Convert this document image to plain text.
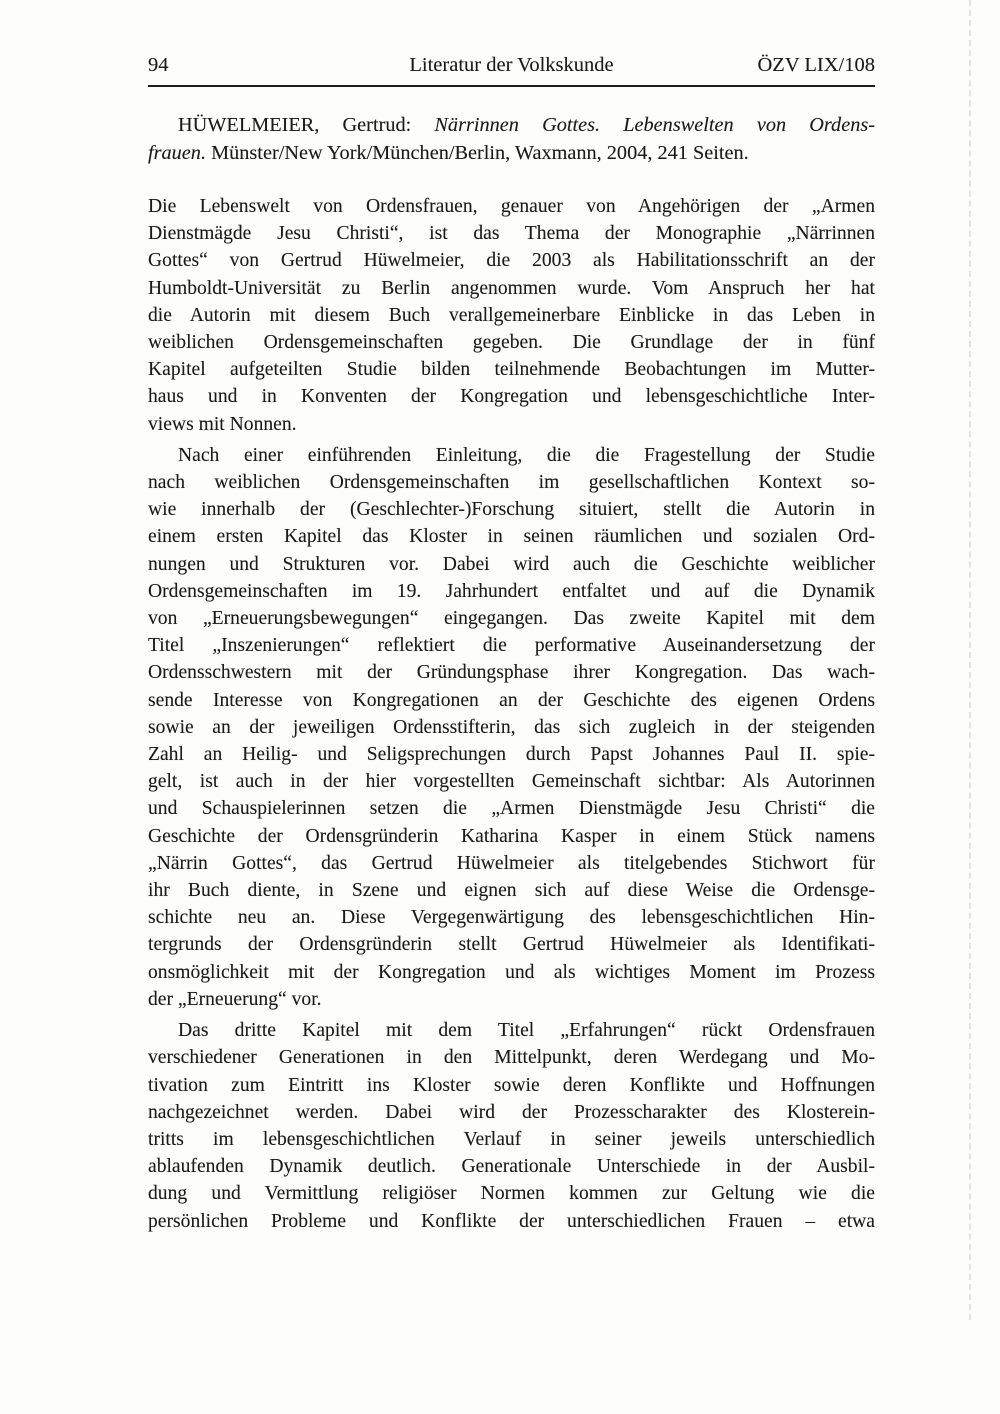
94	Literatur der Volkskunde	ÖZV LIX/108
HÜWELMEIER, Gertrud: Närrinnen Gottes. Lebenswelten von Ordens-
frauen. Münster/New York/München/Berlin, Waxmann, 2004, 241 Seiten.
Die Lebenswelt von Ordensfrauen, genauer von Angehörigen der „Armen
Dienstmägde Jesu Christi“, ist das Thema der Monographie „Närrinnen
Gottes“ von Gertrud Hüwelmeier, die 2003 als Habilitationsschrift an der
Humboldt-Universität zu Berlin angenommen wurde. Vom Anspruch her hat
die Autorin mit diesem Buch verallgemeinerbare Einblicke in das Leben in
weiblichen Ordensgemeinschaften gegeben. Die Grundlage der in fünf
Kapitel aufgeteilten Studie bilden teilnehmende Beobachtungen im Mutter-
haus und in Konventen der Kongregation und lebensgeschichtliche Inter-
views mit Nonnen.
Nach einer einführenden Einleitung, die die Fragestellung der Studie
nach weiblichen Ordensgemeinschaften im gesellschaftlichen Kontext so-
wie innerhalb der (Geschlechter-)Forschung situiert, stellt die Autorin in
einem ersten Kapitel das Kloster in seinen räumlichen und sozialen Ord-
nungen und Strukturen vor. Dabei wird auch die Geschichte weiblicher
Ordensgemeinschaften im 19. Jahrhundert entfaltet und auf die Dynamik
von „Erneuerungsbewegungen“ eingegangen. Das zweite Kapitel mit dem
Titel „Inszenierungen“ reflektiert die performative Auseinandersetzung der
Ordensschwestern mit der Gründungsphase ihrer Kongregation. Das wach-
sende Interesse von Kongregationen an der Geschichte des eigenen Ordens
sowie an der jeweiligen Ordensstifterin, das sich zugleich in der steigenden
Zahl an Heilig- und Seligsprechungen durch Papst Johannes Paul II. spie-
gelt, ist auch in der hier vorgestellten Gemeinschaft sichtbar: Als Autorinnen
und Schauspielerinnen setzen die „Armen Dienstmägde Jesu Christi“ die
Geschichte der Ordensgründerin Katharina Kasper in einem Stück namens
„Närrin Gottes“, das Gertrud Hüwelmeier als titelgebendes Stichwort für
ihr Buch diente, in Szene und eignen sich auf diese Weise die Ordensge-
schichte neu an. Diese Vergegenwärtigung des lebensgeschichtlichen Hin-
tergrunds der Ordensgründerin stellt Gertrud Hüwelmeier als Identifikati-
onsmöglichkeit mit der Kongregation und als wichtiges Moment im Prozess
der „Erneuerung“ vor.
Das dritte Kapitel mit dem Titel „Erfahrungen“ rückt Ordensfrauen
verschiedener Generationen in den Mittelpunkt, deren Werdegang und Mo-
tivation zum Eintritt ins Kloster sowie deren Konflikte und Hoffnungen
nachgezeichnet werden. Dabei wird der Prozesscharakter des Klosterein-
tritts im lebensgeschichtlichen Verlauf in seiner jeweils unterschiedlich
ablaufenden Dynamik deutlich. Generationale Unterschiede in der Ausbil-
dung und Vermittlung religiöser Normen kommen zur Geltung wie die
persönlichen Probleme und Konflikte der unterschiedlichen Frauen – etwa
